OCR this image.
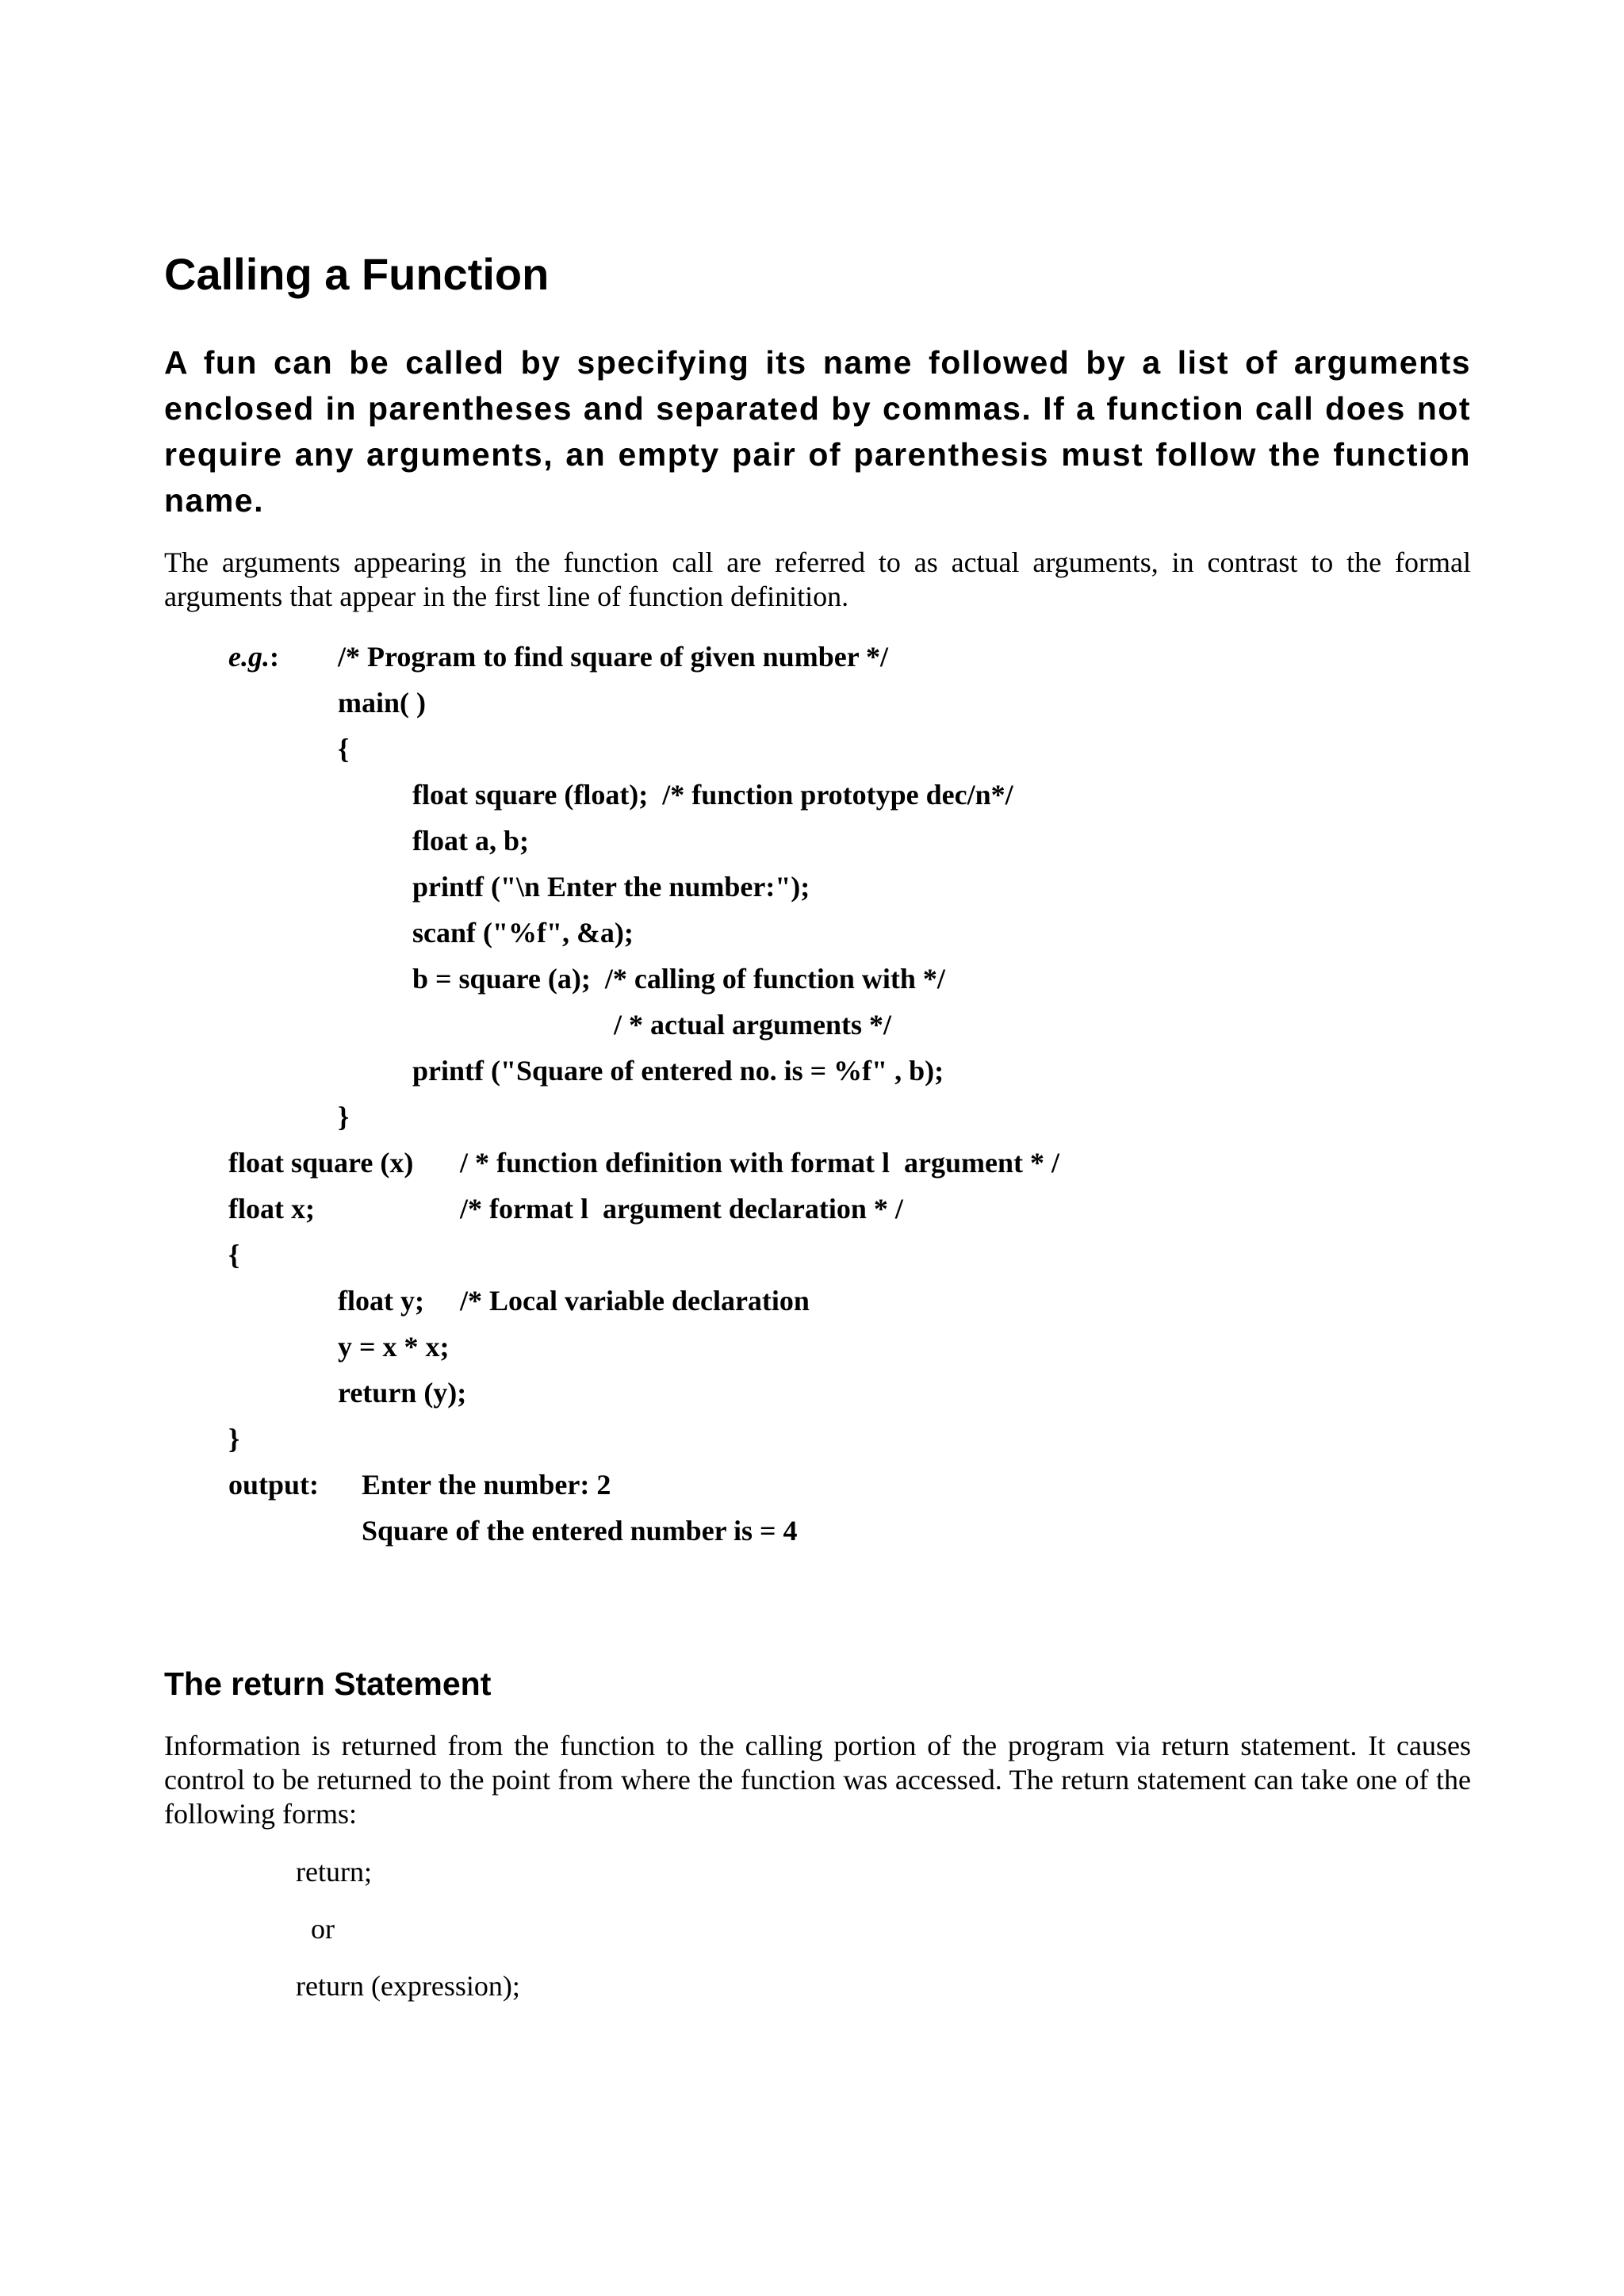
Calling a Function

A fun can be called by specifying its name followed by a list of arguments enclosed in parentheses and separated by commas. If a function call does not require any arguments, an empty pair of parenthesis must follow the function name.

The arguments appearing in the function call are referred to as actual arguments, in contrast to the formal arguments that appear in the first line of function definition.

e.g.: /* Program to find square of given number */
main( )
{
float square (float);  /* function prototype dec/n*/
float a, b;
printf ("\n Enter the number:");
scanf ("%f", &a);
b = square (a);  /* calling of function with */
/ * actual arguments */
printf ("Square of entered no. is = %f" , b);
}
float square (x) / * function definition with format l  argument * /
float x;	/* format l  argument declaration * /
{
float y; /* Local variable declaration
y = x * x;
return (y);
}
output: Enter the number: 2
Square of the entered number is = 4
The return Statement

Information is returned from the function to the calling portion of the program via return statement. It causes control to be returned to the point from where the function was accessed. The return statement can take one of the following forms:

return;
or
return (expression);
